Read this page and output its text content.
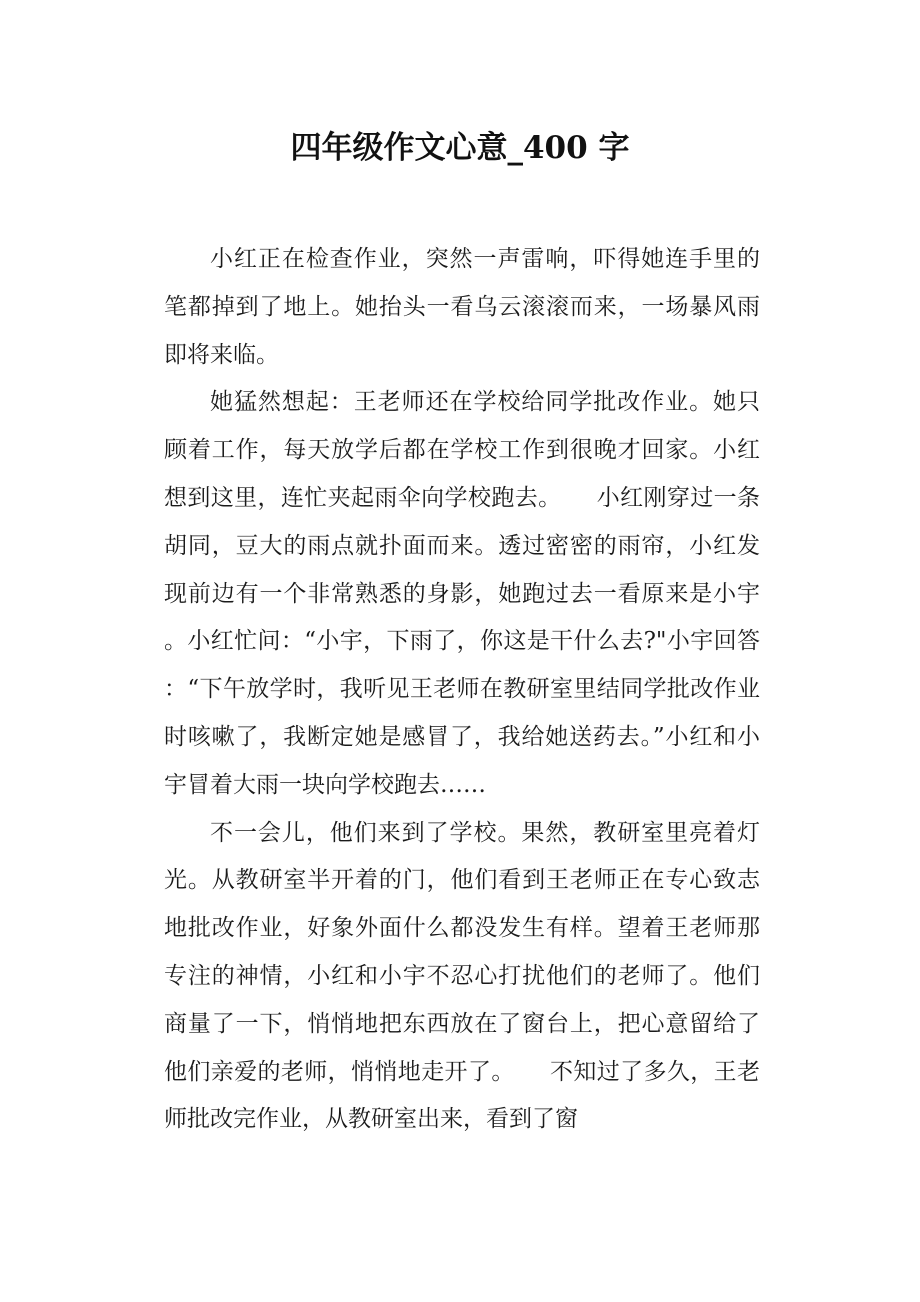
四年级作文心意_400 字

小红正在检查作业，突然一声雷响，吓得她连手里的笔都掉到了地上。她抬头一看乌云滚滚而来，一场暴风雨即将来临。

她猛然想起：王老师还在学校给同学批改作业。她只顾着工作，每天放学后都在学校工作到很晚才回家。小红想到这里，连忙夹起雨伞向学校跑去。　　小红刚穿过一条胡同，豆大的雨点就扑面而来。透过密密的雨帘，小红发现前边有一个非常熟悉的身影，她跑过去一看原来是小宇。小红忙问：“小宇，下雨了，你这是干什么去?"小宇回答：“下午放学时，我听见王老师在教研室里结同学批改作业时咳嗽了，我断定她是感冒了，我给她送药去。”小红和小宇冒着大雨一块向学校跑去……

不一会儿，他们来到了学校。果然，教研室里亮着灯光。从教研室半开着的门，他们看到王老师正在专心致志地批改作业，好象外面什么都没发生有样。望着王老师那专注的神情，小红和小宇不忍心打扰他们的老师了。他们商量了一下，悄悄地把东西放在了窗台上，把心意留给了他们亲爱的老师，悄悄地走开了。　　不知过了多久，王老师批改完作业，从教研室出来，看到了窗
